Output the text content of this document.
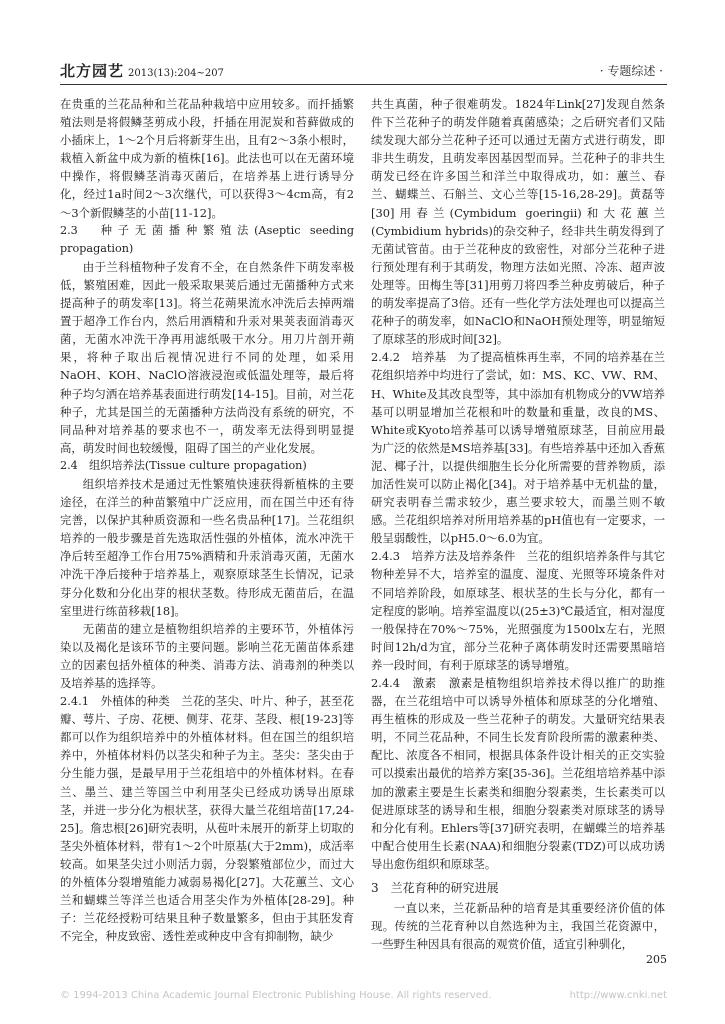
北方园艺 2013(13):204~207	· 专题综述 ·

在贵重的兰花品种和兰花品种栽培中应用较多。而扦插繁殖法则是将假鳞茎剪成小段，扦插在用泥炭和苔藓做成的小插床上，1～2个月后将新芽生出，且有2～3条小根时，栽植入新盆中成为新的植株[16]。此法也可以在无菌环境中操作，将假鳞茎消毒灭菌后，在培养基上进行诱导分化，经过1a时间2～3次继代，可以获得3～4cm高，有2～3个新假鳞茎的小苗[11-12]。

2.3　种子无菌播种繁殖法(Aseptic seeding propagation)

由于兰科植物种子发育不全，在自然条件下萌发率极低，繁殖困难，因此一般采取果荚后通过无菌播种方式来提高种子的萌发率[13]。将兰花蒴果流水冲洗后去掉两端置于超净工作台内，然后用酒精和升汞对果荚表面消毒灭菌，无菌水冲洗干净再用滤纸吸干水分。用刀片剖开蒴果，将种子取出后视情况进行不同的处理，如采用NaOH、KOH、NaClO溶液浸泡或低温处理等，最后将种子均匀洒在培养基表面进行萌发[14-15]。目前，对兰花种子，尤其是国兰的无菌播种方法尚没有系统的研究，不同品种对培养基的要求也不一，萌发率无法得到明显提高，萌发时间也较缓慢，阻碍了国兰的产业化发展。

2.4　组织培养法(Tissue culture propagation)

组织培养技术是通过无性繁殖快速获得新植株的主要途径，在洋兰的种苗繁殖中广泛应用，而在国兰中还有待完善，以保护其种质资源和一些名贵品种[17]。兰花组织培养的一般步骤是首先选取活性强的外植体，流水冲洗干净后转至超净工作台用75%酒精和升汞消毒灭菌，无菌水冲洗干净后接种于培养基上，观察原球茎生长情况，记录芽分化数和分化出芽的根状茎数。待形成无菌苗后，在温室里进行练苗移栽[18]。

无菌苗的建立是植物组织培养的主要环节，外植体污染以及褐化是该环节的主要问题。影响兰花无菌苗体系建立的因素包括外植体的种类、消毒方法、消毒剂的种类以及培养基的选择等。

2.4.1　外植体的种类　兰花的茎尖、叶片、种子，甚至花瓣、萼片、子房、花梗、侧芽、花芽、茎段、根[19-23]等都可以作为组织培养中的外植体材料。但在国兰的组织培养中，外植体材料仍以茎尖和种子为主。茎尖：茎尖由于分生能力强，是最早用于兰花组培中的外植体材料。在春兰、墨兰、建兰等国兰中利用茎尖已经成功诱导出原球茎，并进一步分化为根状茎，获得大量兰花组培苗[17,24-25]。詹忠根[26]研究表明，从苞叶未展开的新芽上切取的茎尖外植体材料，带有1～2个叶原基(大于2mm)，成活率较高。如果茎尖过小则活力弱，分裂繁殖部位少，而过大的外植体分裂增殖能力减弱易褐化[27]。大花蕙兰、文心兰和蝴蝶兰等洋兰也适合用茎尖作为外植体[28-29]。种子：兰花经授粉可结果且种子数量繁多，但由于其胚发育不完全，种皮致密、透性差或种皮中含有抑制物，缺少

共生真菌，种子很难萌发。1824年Link[27]发现自然条件下兰花种子的萌发伴随着真菌感染；之后研究者们又陆续发现大部分兰花种子还可以通过无菌方式进行萌发，即非共生萌发，且萌发率因基因型而异。兰花种子的非共生萌发已经在许多国兰和洋兰中取得成功，如：蕙兰、春兰、蝴蝶兰、石斛兰、文心兰等[15-16,28-29]。黄磊等[30]用春兰(Cymbidum goeringii)和大花蕙兰(Cymbidium hybrids)的杂交种子，经非共生萌发得到了无菌试管苗。由于兰花种皮的致密性，对部分兰花种子进行预处理有利于其萌发，物理方法如光照、冷冻、超声波处理等。田梅生等[31]用剪刀将四季兰种皮剪破后，种子的萌发率提高了3倍。还有一些化学方法处理也可以提高兰花种子的萌发率，如NaClO和NaOH预处理等，明显缩短了原球茎的形成时间[32]。

2.4.2　培养基　为了提高植株再生率，不同的培养基在兰花组织培养中均进行了尝试，如：MS、KC、VW、RM、H、White及其改良型等，其中添加有机物成分的VW培养基可以明显增加兰花根和叶的数量和重量，改良的MS、White或Kyoto培养基可以诱导增殖原球茎，目前应用最为广泛的依然是MS培养基[33]。有些培养基中还加入香蕉泥、椰子汁，以提供细胞生长分化所需要的营养物质，添加活性炭可以防止褐化[34]。对于培养基中无机盐的量，研究表明春兰需求较少，惠兰要求较大，而墨兰则不敏感。兰花组织培养对所用培养基的pH值也有一定要求，一般呈弱酸性，以pH5.0～6.0为宜。

2.4.3　培养方法及培养条件　兰花的组织培养条件与其它物种差异不大，培养室的温度、湿度、光照等环境条件对不同培养阶段，如原球茎、根状茎的生长与分化，都有一定程度的影响。培养室温度以(25±3)℃最适宜，相对湿度一般保持在70%～75%，光照强度为1500lx左右，光照时间12h/d为宜，部分兰花种子离体萌发时还需要黑暗培养一段时间，有利于原球茎的诱导增殖。

2.4.4　激素　激素是植物组织培养技术得以推广的助推器，在兰花组培中可以诱导外植体和原球茎的分化增殖、再生植株的形成及一些兰花种子的萌发。大量研究结果表明，不同兰花品种，不同生长发育阶段所需的激素种类、配比、浓度各不相同，根据具体条件设计相关的正交实验可以摸索出最优的培养方案[35-36]。兰花组培培养基中添加的激素主要是生长素类和细胞分裂素类，生长素类可以促进原球茎的诱导和生根，细胞分裂素类对原球茎的诱导和分化有利。Ehlers等[37]研究表明，在蝴蝶兰的培养基中配合使用生长素(NAA)和细胞分裂素(TDZ)可以成功诱导出愈伤组织和原球茎。

3　兰花育种的研究进展

一直以来，兰花新品种的培育是其重要经济价值的体现。传统的兰花育种以自然选种为主，我国兰花资源中，一些野生种因具有很高的观赏价值，适宜引种驯化，

205
© 1994-2013 China Academic Journal Electronic Publishing House. All rights reserved.	http://www.cnki.net
